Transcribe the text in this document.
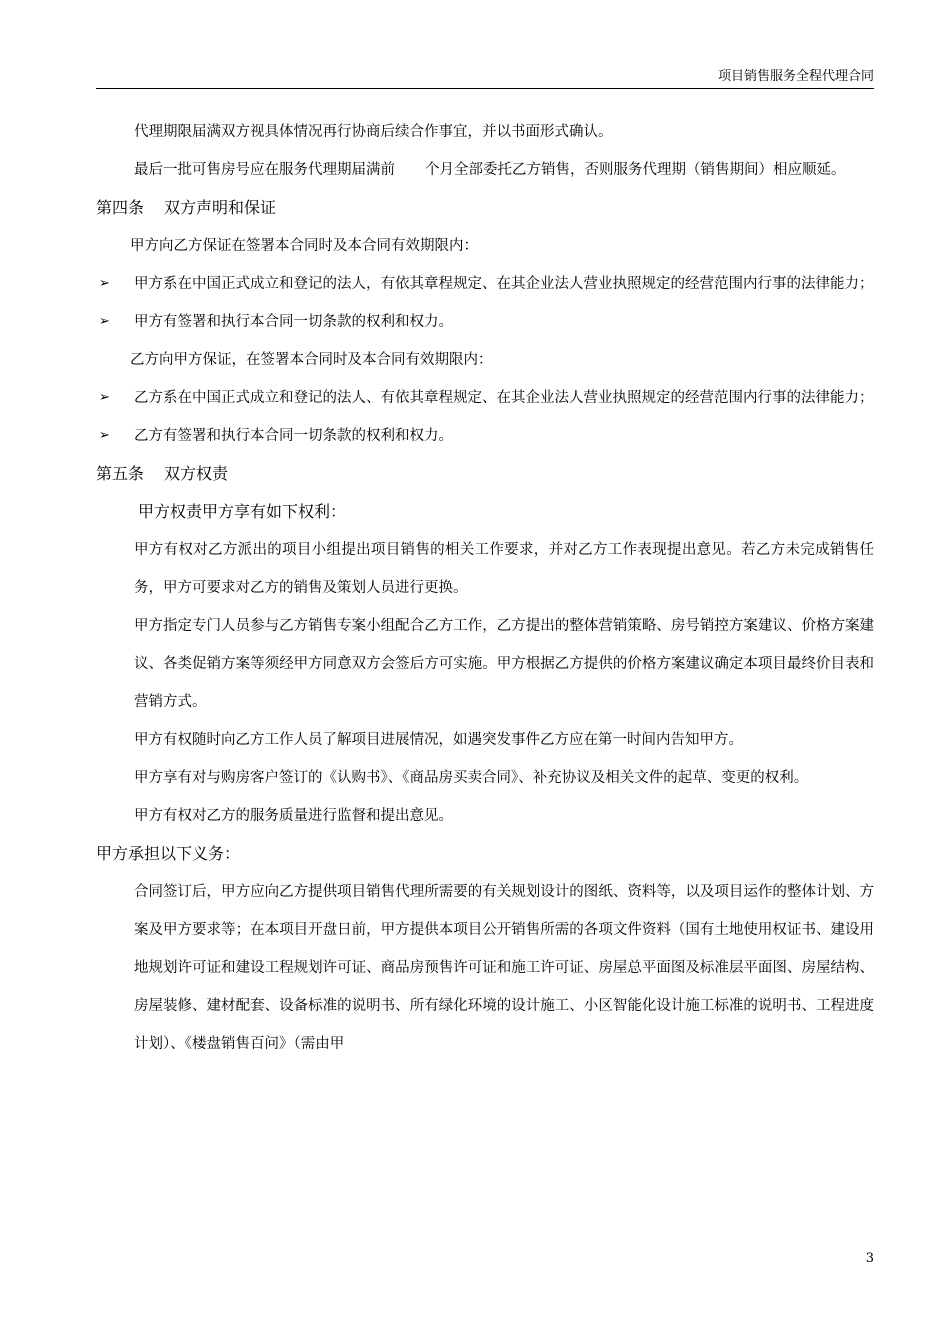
项目销售服务全程代理合同

代理期限届满双方视具体情况再行协商后续合作事宜，并以书面形式确认。

最后一批可售房号应在服务代理期届满前 个月全部委托乙方销售，否则服务代理期（销售期间）相应顺延。

第四条 双方声明和保证

甲方向乙方保证在签署本合同时及本合同有效期限内：

➢ 甲方系在中国正式成立和登记的法人，有依其章程规定、在其企业法人营业执照规定的经营范围内行事的法律能力；

➢ 甲方有签署和执行本合同一切条款的权利和权力。

乙方向甲方保证，在签署本合同时及本合同有效期限内：

➢ 乙方系在中国正式成立和登记的法人、有依其章程规定、在其企业法人营业执照规定的经营范围内行事的法律能力；

➢ 乙方有签署和执行本合同一切条款的权利和权力。

第五条 双方权责

甲方权责甲方享有如下权利：

甲方有权对乙方派出的项目小组提出项目销售的相关工作要求，并对乙方工作表现提出意见。若乙方未完成销售任务，甲方可要求对乙方的销售及策划人员进行更换。

甲方指定专门人员参与乙方销售专案小组配合乙方工作，乙方提出的整体营销策略、房号销控方案建议、价格方案建议、各类促销方案等须经甲方同意双方会签后方可实施。甲方根据乙方提供的价格方案建议确定本项目最终价目表和营销方式。

甲方有权随时向乙方工作人员了解项目进展情况，如遇突发事件乙方应在第一时间内告知甲方。

甲方享有对与购房客户签订的《认购书》、《商品房买卖合同》、补充协议及相关文件的起草、变更的权利。

甲方有权对乙方的服务质量进行监督和提出意见。

甲方承担以下义务：

合同签订后，甲方应向乙方提供项目销售代理所需要的有关规划设计的图纸、资料等，以及项目运作的整体计划、方案及甲方要求等；在本项目开盘日前，甲方提供本项目公开销售所需的各项文件资料（国有土地使用权证书、建设用地规划许可证和建设工程规划许可证、商品房预售许可证和施工许可证、房屋总平面图及标准层平面图、房屋结构、房屋装修、建材配套、设备标准的说明书、所有绿化环境的设计施工、小区智能化设计施工标准的说明书、工程进度计划）、《楼盘销售百问》（需由甲

3
